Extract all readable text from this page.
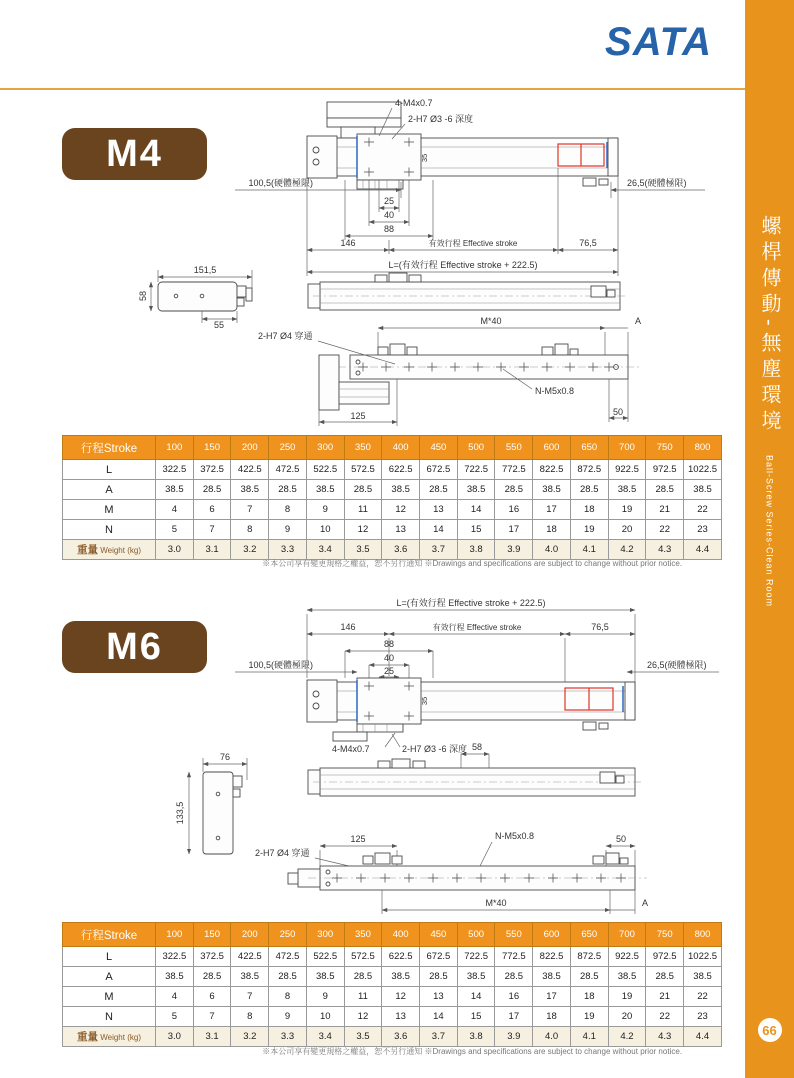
螺桿傳動-無塵環境
Ball-Screw Series-Clean Room
66
SATA
M4	35
4-M4x0.7
2-H7 Ø3 -6 深度
100,5(硬體極限)	26,5(硬體極限)
25
40
88
146	有效行程 Effective stroke	76,5
L=(有效行程 Effective stroke + 222.5)
151,5
58
55	M*40	A
2-H7 Ø4 穿通
N-M5x0.8
125	50
行程Stroke	100	150	200	250	300	350	400	450	500	550	600	650	700	750	800
L	322.5	372.5	422.5	472.5	522.5	572.5	622.5	672.5	722.5	772.5	822.5	872.5	922.5	972.5	1022.5
A	38.5	28.5	38.5	28.5	38.5	28.5	38.5	28.5	38.5	28.5	38.5	28.5	38.5	28.5	38.5
M	4	6	7	8	9	11	12	13	14	16	17	18	19	21	22
N	5	7	8	9	10	12	13	14	15	17	18	19	20	22	23
重量 Weight (kg)	3.0	3.1	3.2	3.3	3.4	3.5	3.6	3.7	3.8	3.9	4.0	4.1	4.2	4.3	4.4
※本公司享有變更規格之權益，恕不另行通知 ※Drawings and specifications are subject to change without prior notice.
M6
L=(有效行程 Effective stroke + 222.5)
146	有效行程 Effective stroke	76,5
88
40
25
100,5(硬體極限)	26,5(硬體極限)
35
4-M4x0.7	2-H7 Ø3 -6 深度 58
76
133,5
125	50
N-M5x0.8
2-H7 Ø4 穿通
M*40	A
行程Stroke	100	150	200	250	300	350	400	450	500	550	600	650	700	750	800
L	322.5	372.5	422.5	472.5	522.5	572.5	622.5	672.5	722.5	772.5	822.5	872.5	922.5	972.5	1022.5
A	38.5	28.5	38.5	28.5	38.5	28.5	38.5	28.5	38.5	28.5	38.5	28.5	38.5	28.5	38.5
M	4	6	7	8	9	11	12	13	14	16	17	18	19	21	22
N	5	7	8	9	10	12	13	14	15	17	18	19	20	22	23
重量 Weight (kg)	3.0	3.1	3.2	3.3	3.4	3.5	3.6	3.7	3.8	3.9	4.0	4.1	4.2	4.3	4.4
※本公司享有變更規格之權益，恕不另行通知 ※Drawings and specifications are subject to change without prior notice.
